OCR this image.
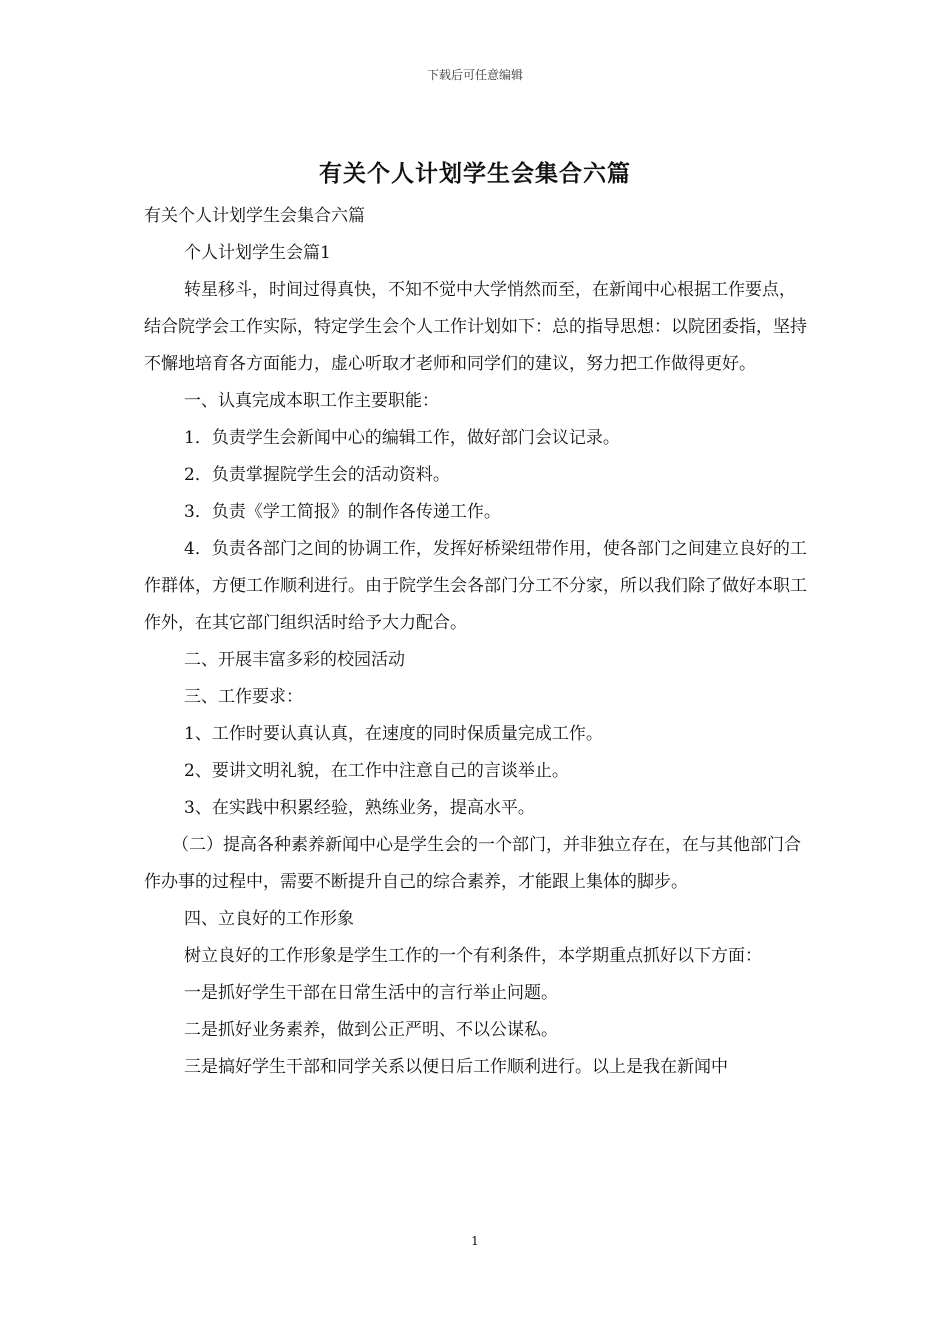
下载后可任意编辑
有关个人计划学生会集合六篇

有关个人计划学生会集合六篇

个人计划学生会篇1

转星移斗，时间过得真快，不知不觉中大学悄然而至，在新闻中心根据工作要点，结合院学会工作实际，特定学生会个人工作计划如下：总的指导思想：以院团委指，坚持不懈地培育各方面能力，虚心听取才老师和同学们的建议，努力把工作做得更好。

一、认真完成本职工作主要职能：

1．负责学生会新闻中心的编辑工作，做好部门会议记录。

2．负责掌握院学生会的活动资料。

3．负责《学工简报》的制作各传递工作。

4．负责各部门之间的协调工作，发挥好桥梁纽带作用，使各部门之间建立良好的工作群体，方便工作顺利进行。由于院学生会各部门分工不分家，所以我们除了做好本职工作外，在其它部门组织活时给予大力配合。

二、开展丰富多彩的校园活动

三、工作要求：

1、工作时要认真认真，在速度的同时保质量完成工作。

2、要讲文明礼貌，在工作中注意自己的言谈举止。

3、在实践中积累经验，熟练业务，提高水平。

（二）提高各种素养新闻中心是学生会的一个部门，并非独立存在，在与其他部门合作办事的过程中，需要不断提升自己的综合素养，才能跟上集体的脚步。

四、立良好的工作形象

树立良好的工作形象是学生工作的一个有利条件，本学期重点抓好以下方面：

一是抓好学生干部在日常生活中的言行举止问题。

二是抓好业务素养，做到公正严明、不以公谋私。

三是搞好学生干部和同学关系以便日后工作顺利进行。以上是我在新闻中

1
